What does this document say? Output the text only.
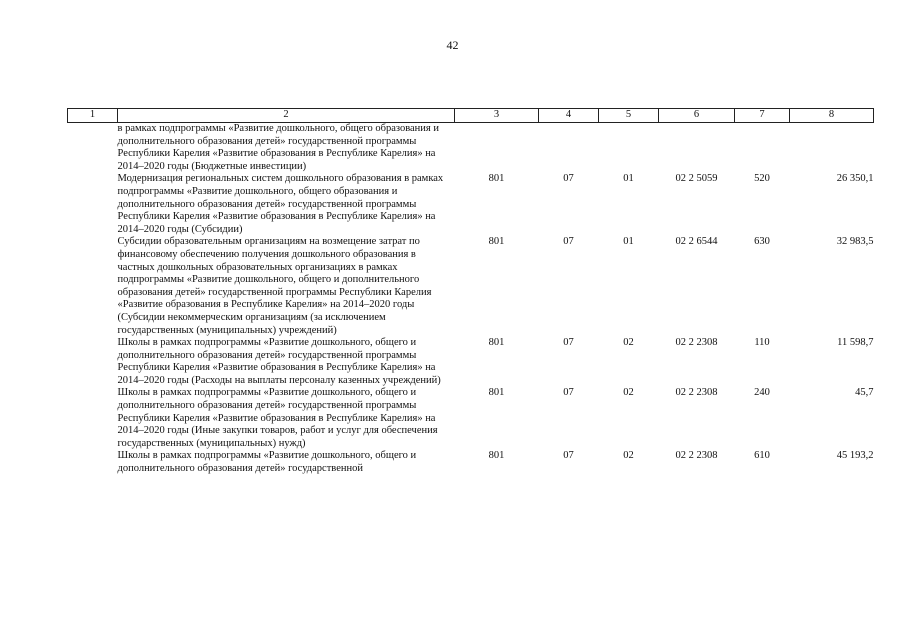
42
1	2	3	4	5	6	7	8
	в рамках подпрограммы «Развитие дошкольного, общего образования и дополнительного образования детей» государственной программы Республики Карелия «Развитие образования в Республике Карелия» на 2014–2020 годы (Бюджетные инвестиции)						
	Модернизация региональных систем дошкольного образования в рамках подпрограммы «Развитие дошкольного, общего образования и дополнительного образования детей» государственной программы Республики Карелия «Развитие образования в Республике Карелия» на 2014–2020 годы (Субсидии)	801	07	01	02 2 5059	520	26 350,1
	Субсидии образовательным организациям на возмещение затрат по финансовому обеспечению получения дошкольного образования в частных дошкольных образовательных организациях в рамках подпрограммы «Развитие дошкольного, общего и дополнительного образования детей» государственной программы Республики Карелия «Развитие образования в Республике Карелия» на 2014–2020 годы (Субсидии некоммерческим организациям (за исключением государственных (муниципальных) учреждений)	801	07	01	02 2 6544	630	32 983,5
	Школы в рамках подпрограммы «Развитие дошкольного, общего и дополнительного образования детей» государственной программы Республики Карелия «Развитие образования в Республике Карелия» на 2014–2020 годы (Расходы на выплаты персоналу казенных учреждений)	801	07	02	02 2 2308	110	11 598,7
	Школы в рамках подпрограммы «Развитие дошкольного, общего и дополнительного образования детей» государственной программы Республики Карелия «Развитие образования в Республике Карелия» на 2014–2020 годы (Иные закупки товаров, работ и услуг для обеспечения государственных (муниципальных) нужд)	801	07	02	02 2 2308	240	45,7
	Школы в рамках подпрограммы «Развитие дошкольного, общего и дополнительного образования детей» государственной	801	07	02	02 2 2308	610	45 193,2
